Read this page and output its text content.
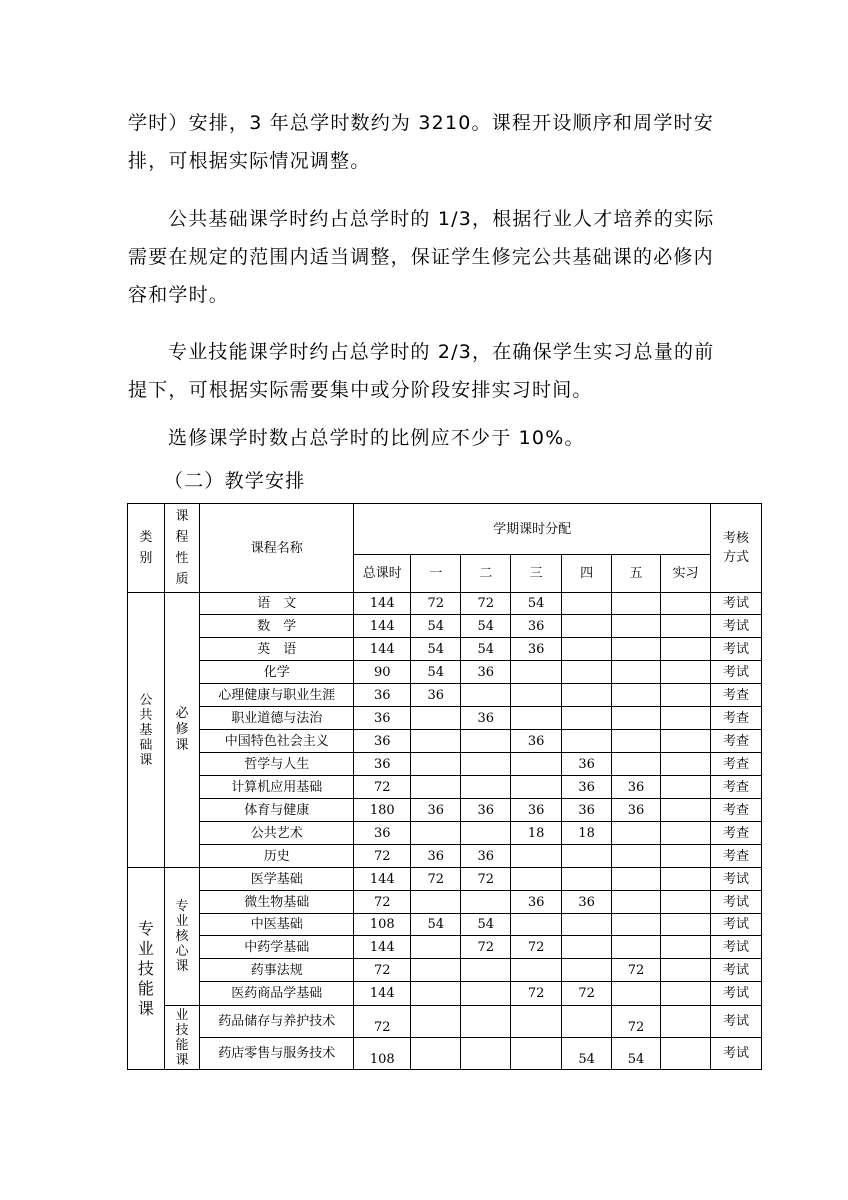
学时）安排，3 年总学时数约为 3210。课程开设顺序和周学时安排，可根据实际情况调整。

公共基础课学时约占总学时的 1/3，根据行业人才培养的实际需要在规定的范围内适当调整，保证学生修完公共基础课的必修内容和学时。

专业技能课学时约占总学时的 2/3，在确保学生实习总量的前提下，可根据实际需要集中或分阶段安排实习时间。

选修课学时数占总学时的比例应不少于 10%。

（二）教学安排

类别	课程性质	课程名称	学期课时分配							考核方式
			总课时	一	二	三	四	五	实习	
公共基础课	必修课	语　文	144	72	72	54				考试
		数　学	144	54	54	36				考试
		英　语	144	54	54	36				考试
		化学	90	54	36					考试
		心理健康与职业生涯	36	36						考查
		职业道德与法治	36		36					考查
		中国特色社会主义	36			36				考查
		哲学与人生	36				36			考查
		计算机应用基础	72				36	36		考查
		体育与健康	180	36	36	36	36	36		考查
		公共艺术	36			18	18			考查
		历史	72	36	36					考查
专业技能课	专业核心课	医学基础	144	72	72					考试
		微生物基础	72			36	36			考试
		中医基础	108	54	54					考试
		中药学基础	144		72	72				考试
		药事法规	72					72		考试
		医药商品学基础	144			72	72			考试
	业技能课	药品储存与养护技术	72					72		考试
		药店零售与服务技术	108				54	54		考试
